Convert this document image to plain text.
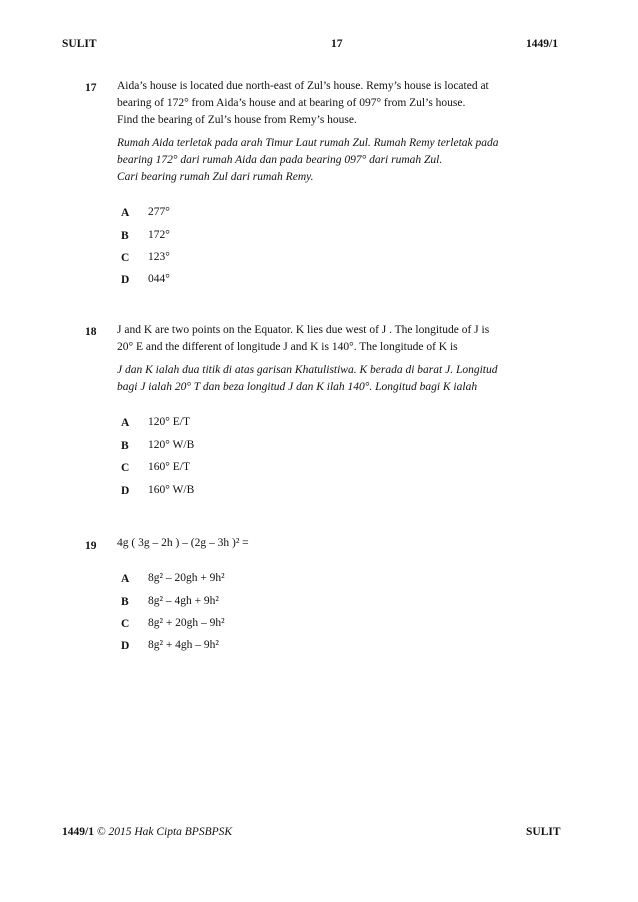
SULIT	17	1449/1
17 Aida’s house is located due north-east of Zul’s house. Remy’s house is located at
bearing of 172° from Aida’s house and at bearing of 097° from Zul’s house.
Find the bearing of Zul’s house from Remy’s house.
Rumah Aida terletak pada arah Timur Laut rumah Zul. Rumah Remy terletak pada
bearing 172° dari rumah Aida dan pada bearing 097° dari rumah Zul.
Cari bearing rumah Zul dari rumah Remy.
A 277°
B 172°
C 123°
D 044°
18 J and K are two points on the Equator. K lies due west of J . The longitude of J is
20° E and the different of longitude J and K is 140°. The longitude of K is
J dan K ialah dua titik di atas garisan Khatulistiwa. K berada di barat J. Longitud
bagi J ialah 20° T dan beza longitud J dan K ilah 140°. Longitud bagi K ialah
A 120° E/T
B 120° W/B
C 160° E/T
D 160° W/B
19 4g ( 3g – 2h ) – (2g – 3h )² =
A 8g² – 20gh + 9h²
B 8g² – 4gh + 9h²
C 8g² + 20gh – 9h²
D 8g² + 4gh – 9h²
1449/1 © 2015 Hak Cipta BPSBPSK	SULIT
